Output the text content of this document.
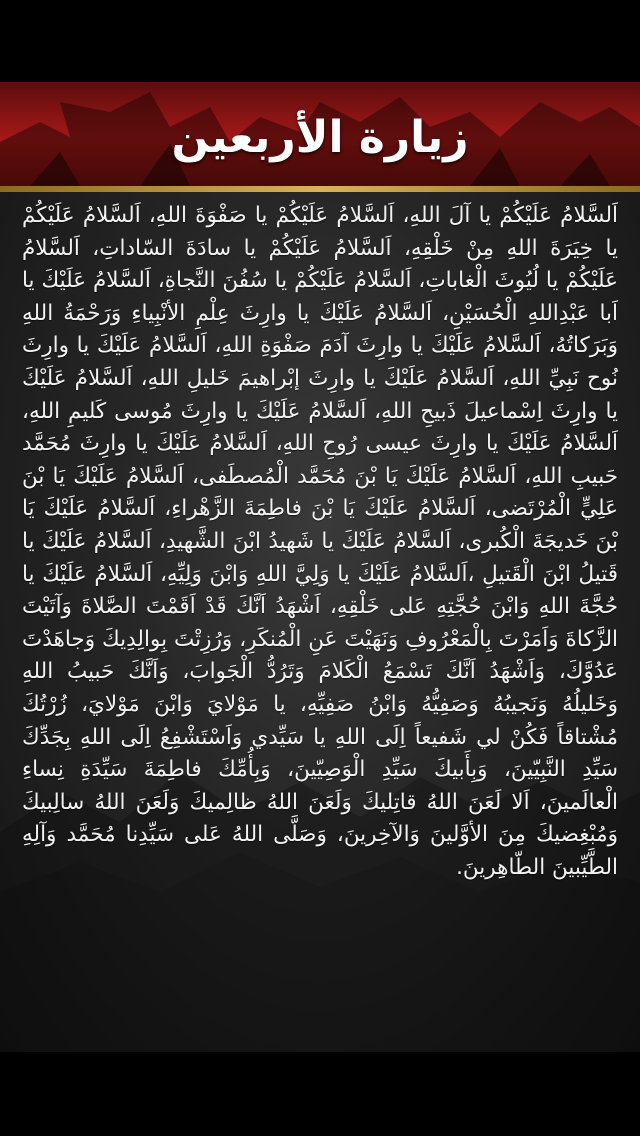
زيارة الأربعين
اَلسَّلامُ عَلَيْكُمْ يا آلَ اللهِ، اَلسَّلامُ عَلَيْكُمْ يا صَفْوَةَ اللهِ، اَلسَّلامُ عَلَيْكُمْ يا خِيَرَةَ اللهِ مِنْ خَلْقِهِ، اَلسَّلامُ عَلَيْكُمْ يا سادَةَ السّاداتِ، اَلسَّلامُ عَلَيْكُمْ يا لُيُوثَ الْغاباتِ، اَلسَّلامُ عَلَيْكُمْ يا سُفُنَ النَّجاةِ، اَلسَّلامُ عَلَيْكَ يا اَبا عَبْدِاللهِ الْحُسَيْنِ، اَلسَّلامُ عَلَيْكَ يا وارِثَ عِلْمِ الأنْبِياءِ وَرَحْمَةُ اللهِ وَبَرَكاتُهُ، اَلسَّلامُ عَلَيْكَ يا وارِثَ آدَمَ صَفْوَةِ اللهِ، اَلسَّلامُ عَلَيْكَ يا وارِثَ نُوح نَبِيِّ اللهِ، اَلسَّلامُ عَلَيْكَ يا وارِثَ إبْراهيمَ خَليلِ اللهِ، اَلسَّلامُ عَلَيْكَ يا وارِثَ اِسْماعيلَ ذَبيحِ اللهِ، اَلسَّلامُ عَلَيْكَ يا وارِثَ مُوسى كَليمِ اللهِ، اَلسَّلامُ عَلَيْكَ يا وارِثَ عيسى رُوحِ اللهِ، اَلسَّلامُ عَلَيْكَ يا وارِثَ مُحَمَّد حَبيبِ اللهِ، اَلسَّلامُ عَلَيْكَ يَا بْنَ مُحَمَّد الْمُصطَفى، اَلسَّلامُ عَلَيْكَ يَا بْنَ عَلِيٍّ الْمُرْتَضى، اَلسَّلامُ عَلَيْكَ يَا بْنَ فاطِمَةَ الزَّهْراءِ، اَلسَّلامُ عَلَيْكَ يَا بْنَ خَديجَةَ الْكُبرى، اَلسَّلامُ عَلَيْكَ يا شَهيدُ ابْنَ الشَّهيدِ، اَلسَّلامُ عَلَيْكَ يا قَتيلُ ابْنَ الْقَتيلِ ،اَلسَّلامُ عَلَيْكَ يا وَلِيَّ اللهِ وَابْنَ وَلِيِّهِ، اَلسَّلامُ عَلَيْكَ يا حُجَّةَ اللهِ وَابْنَ حُجَّتِهِ عَلى خَلْقِهِ، اَشْهَدُ اَنَّكَ قَدْ اَقَمْتَ الصَّلاةَ وَآتَيْتَ الزَّكاةَ وَاَمَرْتَ بِالْمَعْرُوفِ وَنَهَيْتَ عَنِ الْمُنكَرِ، وَرُزِتْتَ بِوالِدِيكَ وَجاهَدْتَ عَدُوَّكَ، وَاَشْهَدُ اَنَّكَ تَسْمَعُ الْكَلامَ وَتَرُدُّ الْجَوابَ، وَاَنَّكَ حَبيبُ اللهِ وَخَليلُهُ وَنَجيبُهُ وَصَفِيُّهُ وَابْنُ صَفِيِّهِ، يا مَوْلايَ وَابْنَ مَوْلايَ، زُرْتُكَ مُشْتاقاً فَكُنْ لي شَفيعاً اِلَى اللهِ يا سَيِّدي وَاَسْتَشْفِعُ اِلَى اللهِ بِجَدِّكَ سَيِّدِ النَّبِيّينَ، وَبِأَبيكَ سَيِّدِ الْوَصِيّينَ، وَبِأُمِّكَ فاطِمَةَ سَيِّدَةِ نِساءِ الْعالَمينَ، اَلا لَعَنَ اللهُ قاتِليكَ وَلَعَنَ اللهُ ظالِميكَ وَلَعَنَ اللهُ سالِبيكَ وَمُبْغِضيكَ مِنَ الأوَّلينَ وَالآخِرينَ، وَصَلَّى اللهُ عَلى سَيِّدِنا مُحَمَّد وَآلِهِ الطَّيِّبينَ الطّاهِرينَ.
